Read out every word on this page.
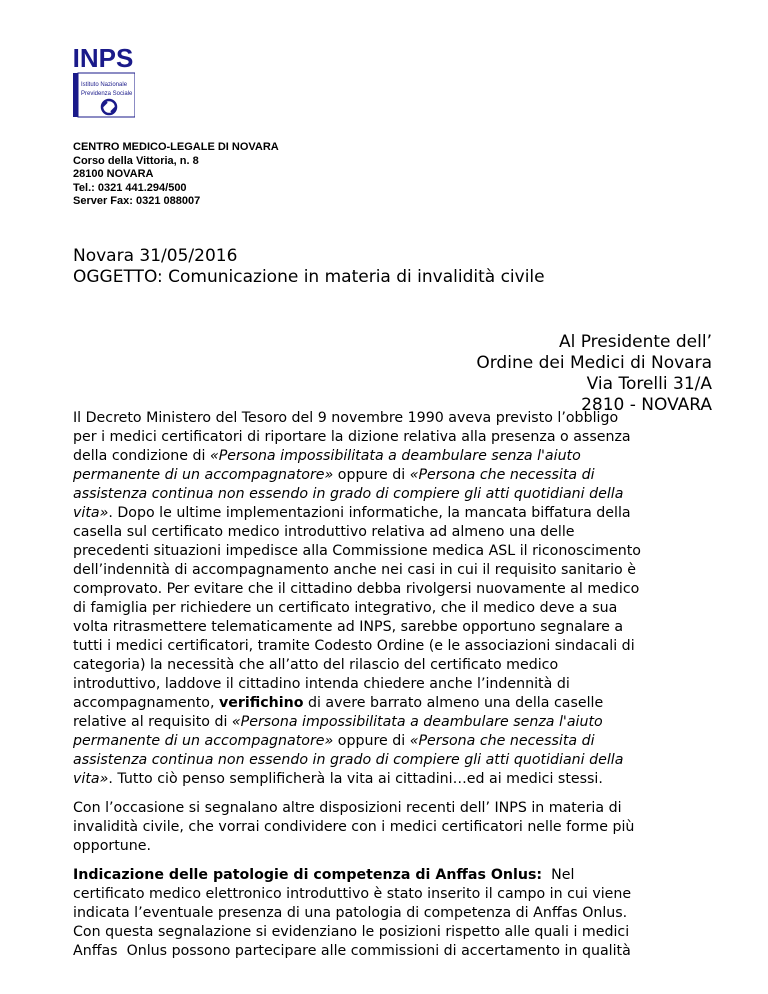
INPS
Istituto Nazionale
Previdenza Sociale
CENTRO MEDICO-LEGALE DI NOVARA
Corso della Vittoria, n. 8
28100 NOVARA
Tel.: 0321 441.294/500
Server Fax: 0321 088007
Novara 31/05/2016
OGGETTO: Comunicazione in materia di invalidità civile
Al Presidente dell’
Ordine dei Medici di Novara
Via Torelli 31/A
2810 - NOVARA

Il Decreto Ministero del Tesoro del 9 novembre 1990 aveva previsto l’obbligo
per i medici certificatori di riportare la dizione relativa alla presenza o assenza
della condizione di «Persona impossibilitata a deambulare senza l'aiuto
permanente di un accompagnatore» oppure di «Persona che necessita di
assistenza continua non essendo in grado di compiere gli atti quotidiani della
vita». Dopo le ultime implementazioni informatiche, la mancata biffatura della
casella sul certificato medico introduttivo relativa ad almeno una delle
precedenti situazioni impedisce alla Commissione medica ASL il riconoscimento
dell’indennità di accompagnamento anche nei casi in cui il requisito sanitario è
comprovato. Per evitare che il cittadino debba rivolgersi nuovamente al medico
di famiglia per richiedere un certificato integrativo, che il medico deve a sua
volta ritrasmettere telematicamente ad INPS, sarebbe opportuno segnalare a
tutti i medici certificatori, tramite Codesto Ordine (e le associazioni sindacali di
categoria) la necessità che all’atto del rilascio del certificato medico
introduttivo, laddove il cittadino intenda chiedere anche l’indennità di
accompagnamento, verifichino di avere barrato almeno una della caselle
relative al requisito di «Persona impossibilitata a deambulare senza l'aiuto
permanente di un accompagnatore» oppure di «Persona che necessita di
assistenza continua non essendo in grado di compiere gli atti quotidiani della
vita». Tutto ciò penso semplificherà la vita ai cittadini…ed ai medici stessi.

Con l’occasione si segnalano altre disposizioni recenti dell’ INPS in materia di
invalidità civile, che vorrai condividere con i medici certificatori nelle forme più
opportune.

Indicazione delle patologie di competenza di Anffas Onlus:  Nel
certificato medico elettronico introduttivo è stato inserito il campo in cui viene
indicata l’eventuale presenza di una patologia di competenza di Anffas Onlus.
Con questa segnalazione si evidenziano le posizioni rispetto alle quali i medici
Anffas  Onlus possono partecipare alle commissioni di accertamento in qualità
